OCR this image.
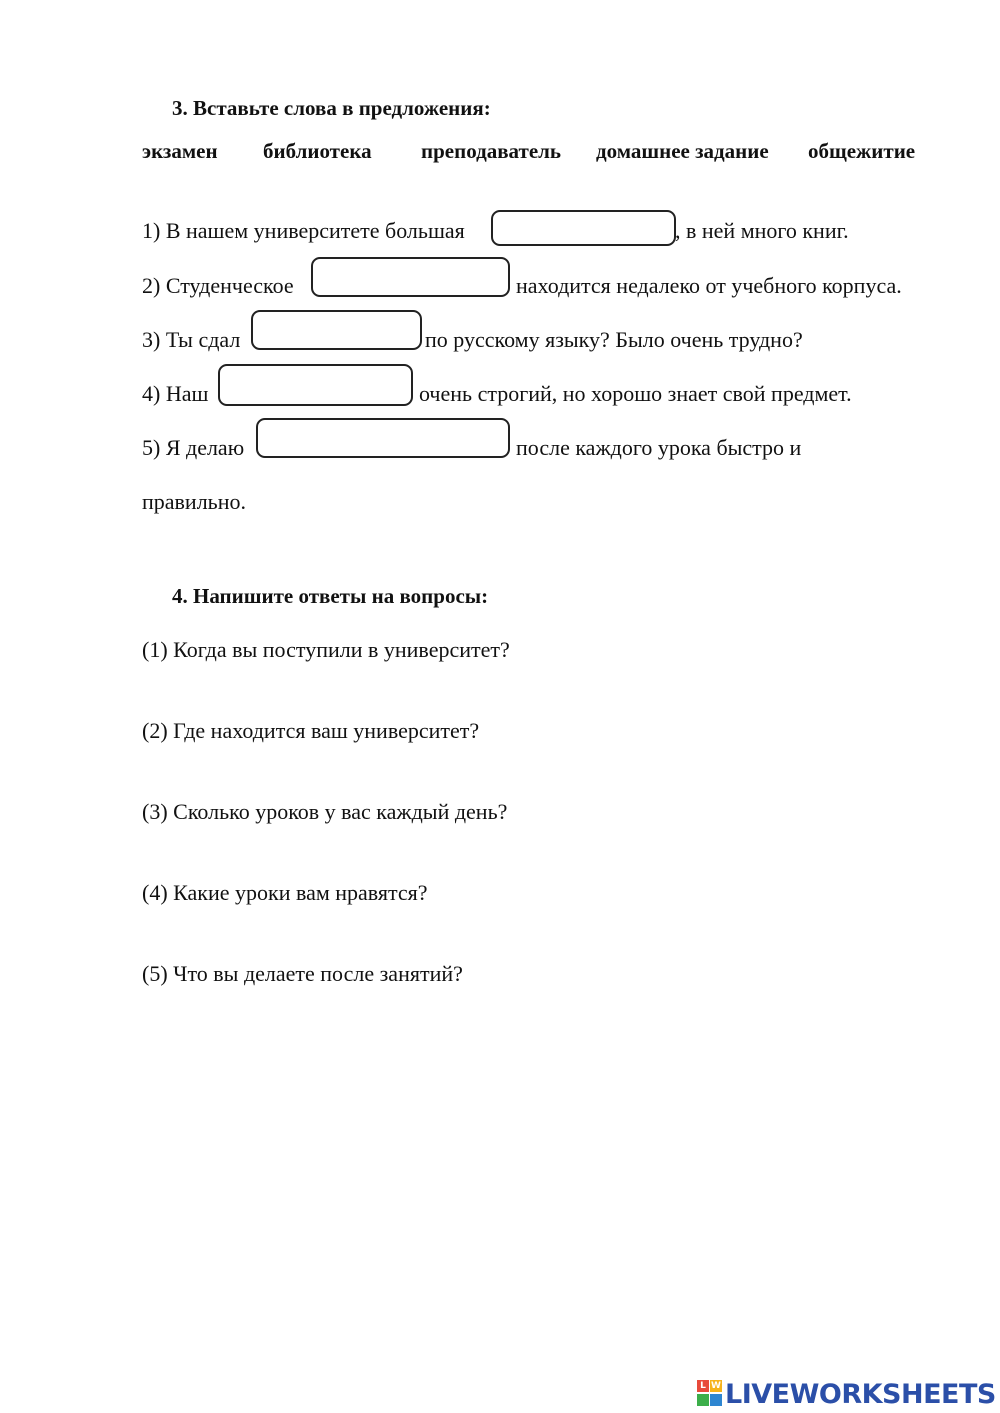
3. Вставьте слова в предложения:
экзамен библиотека преподаватель домашнее задание общежитие
1) В нашем университете большая	, в ней много книг.
2) Студенческое	находится недалеко от учебного корпуса.
3) Ты сдал	по русскому языку? Было очень трудно?
4) Наш	очень строгий, но хорошо знает свой предмет.
5) Я делаю	после каждого урока быстро и
правильно.
4. Напишите ответы на вопросы:
(1) Когда вы поступили в университет?
(2) Где находится ваш университет?
(3) Сколько уроков у вас каждый день?
(4) Какие уроки вам нравятся?
(5) Что вы делаете после занятий?
L W LIVEWORKSHEETS
